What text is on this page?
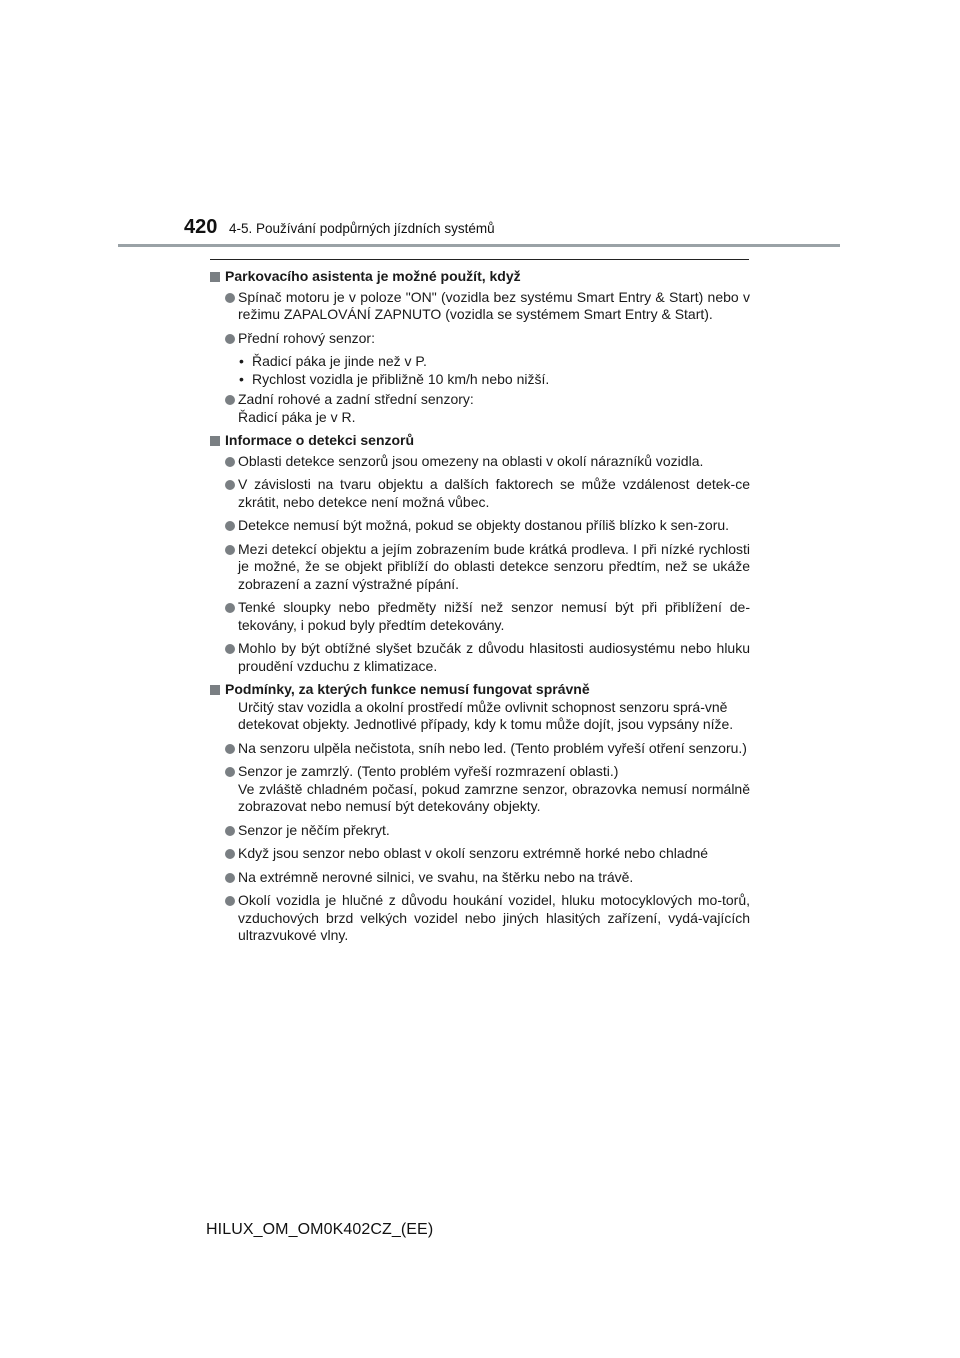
420 4-5. Používání podpůrných jízdních systémů
Parkovacího asistenta je možné použít, když
Spínač motoru je v poloze "ON" (vozidla bez systému Smart Entry & Start) nebo v režimu ZAPALOVÁNÍ ZAPNUTO (vozidla se systémem Smart Entry & Start).
Přední rohový senzor:
• Řadicí páka je jinde než v P.
• Rychlost vozidla je přibližně 10 km/h nebo nižší.
Zadní rohové a zadní střední senzory:
Řadicí páka je v R.
Informace o detekci senzorů
Oblasti detekce senzorů jsou omezeny na oblasti v okolí nárazníků vozidla.
V závislosti na tvaru objektu a dalších faktorech se může vzdálenost detek-ce zkrátit, nebo detekce není možná vůbec.
Detekce nemusí být možná, pokud se objekty dostanou příliš blízko k sen-zoru.
Mezi detekcí objektu a jejím zobrazením bude krátká prodleva. I při nízké rychlosti je možné, že se objekt přiblíží do oblasti detekce senzoru předtím, než se ukáže zobrazení a zazní výstražné pípání.
Tenké sloupky nebo předměty nižší než senzor nemusí být při přiblížení de-tekovány, i pokud byly předtím detekovány.
Mohlo by být obtížné slyšet bzučák z důvodu hlasitosti audiosystému nebo hluku proudění vzduchu z klimatizace.
Podmínky, za kterých funkce nemusí fungovat správně
Určitý stav vozidla a okolní prostředí může ovlivnit schopnost senzoru sprá-vně detekovat objekty. Jednotlivé případy, kdy k tomu může dojít, jsou vypsány níže.
Na senzoru ulpěla nečistota, sníh nebo led. (Tento problém vyřeší otření senzoru.)
Senzor je zamrzlý. (Tento problém vyřeší rozmrazení oblasti.)
Ve zvláště chladném počasí, pokud zamrzne senzor, obrazovka nemusí normálně zobrazovat nebo nemusí být detekovány objekty.
Senzor je něčím překryt.
Když jsou senzor nebo oblast v okolí senzoru extrémně horké nebo chladné
Na extrémně nerovné silnici, ve svahu, na štěrku nebo na trávě.
Okolí vozidla je hlučné z důvodu houkání vozidel, hluku motocyklových mo-torů, vzduchových brzd velkých vozidel nebo jiných hlasitých zařízení, vydá-vajících ultrazvukové vlny.
HILUX_OM_OM0K402CZ_(EE)
